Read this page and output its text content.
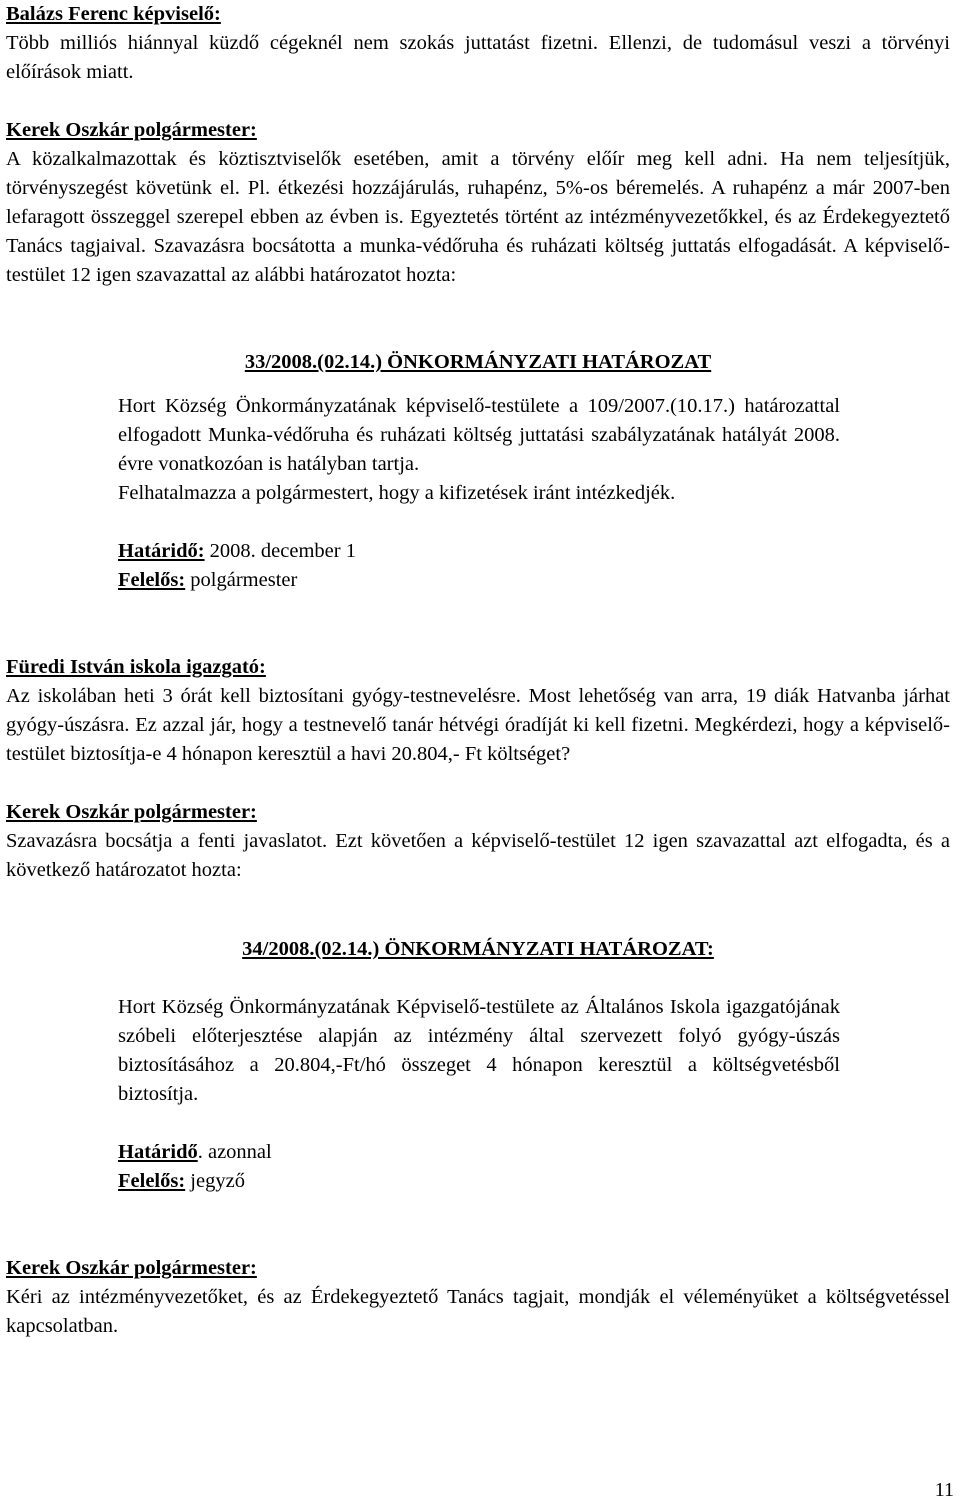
Balázs Ferenc képviselő:

Több milliós hiánnyal küzdő cégeknél nem szokás juttatást fizetni. Ellenzi, de tudomásul veszi a törvényi előírások miatt.

Kerek Oszkár polgármester:

A közalkalmazottak és köztisztviselők esetében, amit a törvény előír meg kell adni. Ha nem teljesítjük, törvényszegést követünk el. Pl. étkezési hozzájárulás, ruhapénz, 5%-os béremelés. A ruhapénz a már 2007-ben lefaragott összeggel szerepel ebben az évben is. Egyeztetés történt az intézményvezetőkkel, és az Érdekegyeztető Tanács tagjaival. Szavazásra bocsátotta a munka-védőruha és ruházati költség juttatás elfogadását. A képviselő-testület 12 igen szavazattal az alábbi határozatot hozta:

33/2008.(02.14.) ÖNKORMÁNYZATI HATÁROZAT

Hort Község Önkormányzatának képviselő-testülete a 109/2007.(10.17.) határozattal elfogadott Munka-védőruha és ruházati költség juttatási szabályzatának hatályát 2008. évre vonatkozóan is hatályban tartja.

Felhatalmazza a polgármestert, hogy a kifizetések iránt intézkedjék.

Határidő: 2008. december 1

Felelős: polgármester

Füredi István iskola igazgató:

Az iskolában heti 3 órát kell biztosítani gyógy-testnevelésre. Most lehetőség van arra, 19 diák Hatvanba járhat gyógy-úszásra. Ez azzal jár, hogy a testnevelő tanár hétvégi óradíját ki kell fizetni. Megkérdezi, hogy a képviselő-testület biztosítja-e 4 hónapon keresztül a havi 20.804,- Ft költséget?

Kerek Oszkár polgármester:

Szavazásra bocsátja a fenti javaslatot. Ezt követően a képviselő-testület 12 igen szavazattal azt elfogadta, és a következő határozatot hozta:

34/2008.(02.14.) ÖNKORMÁNYZATI HATÁROZAT:

Hort Község Önkormányzatának Képviselő-testülete az Általános Iskola igazgatójának szóbeli előterjesztése alapján az intézmény által szervezett folyó gyógy-úszás biztosításához a 20.804,-Ft/hó összeget 4 hónapon keresztül a költségvetésből biztosítja.

Határidő. azonnal

Felelős: jegyző

Kerek Oszkár polgármester:

Kéri az intézményvezetőket, és az Érdekegyeztető Tanács tagjait, mondják el véleményüket a költségvetéssel kapcsolatban.

11
